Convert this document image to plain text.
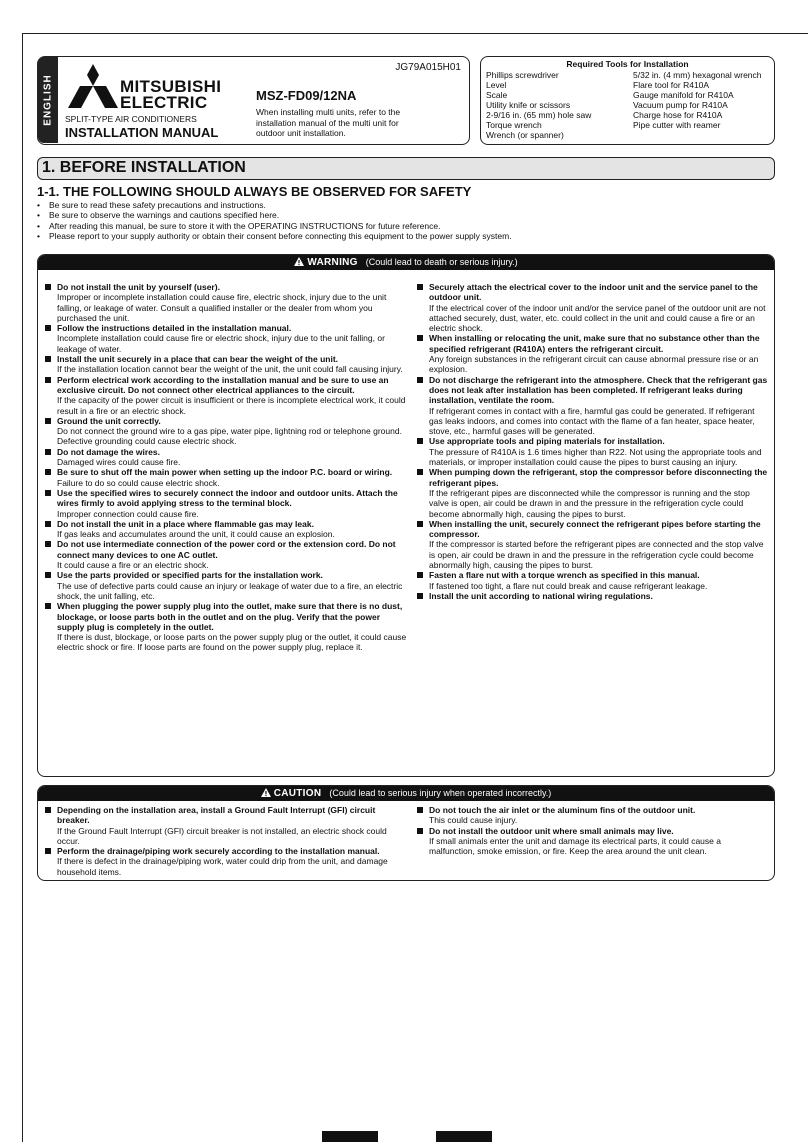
ENGLISH	MITSUBISHI
ELECTRIC
SPLIT-TYPE AIR CONDITIONERS
INSTALLATION MANUAL
JG79A015H01
MSZ-FD09/12NA
When installing multi units, refer to the installation manual of the multi unit for outdoor unit installation.
Required Tools for Installation
Phillips screwdriver
Level
Scale
Utility knife or scissors
2-9/16 in. (65 mm) hole saw
Torque wrench
Wrench (or spanner)
5/32 in. (4 mm) hexagonal wrench
Flare tool for R410A
Gauge manifold for R410A
Vacuum pump for R410A
Charge hose for R410A
Pipe cutter with reamer
1. BEFORE INSTALLATION
1-1. THE FOLLOWING SHOULD ALWAYS BE OBSERVED FOR SAFETY
• Be sure to read these safety precautions and instructions.
• Be sure to observe the warnings and cautions specified here.
• After reading this manual, be sure to store it with the OPERATING INSTRUCTIONS for future reference.
• Please report to your supply authority or obtain their consent before connecting this equipment to the power supply system.
WARNING (Could lead to death or serious injury.)
Do not install the unit by yourself (user).
Improper or incomplete installation could cause fire, electric shock, injury due to the unit falling, or leakage of water. Consult a qualified installer or the dealer from whom you purchased the unit.
Follow the instructions detailed in the installation manual.
Incomplete installation could cause fire or electric shock, injury due to the unit falling, or leakage of water.
Install the unit securely in a place that can bear the weight of the unit.
If the installation location cannot bear the weight of the unit, the unit could fall causing injury.
Perform electrical work according to the installation manual and be sure to use an exclusive circuit. Do not connect other electrical appliances to the circuit.
If the capacity of the power circuit is insufficient or there is incomplete electrical work, it could result in a fire or an electric shock.
Ground the unit correctly.
Do not connect the ground wire to a gas pipe, water pipe, lightning rod or telephone ground. Defective grounding could cause electric shock.
Do not damage the wires.
Damaged wires could cause fire.
Be sure to shut off the main power when setting up the indoor P.C. board or wiring.
Failure to do so could cause electric shock.
Use the specified wires to securely connect the indoor and outdoor units. Attach the wires firmly to avoid applying stress to the terminal block.
Improper connection could cause fire.
Do not install the unit in a place where flammable gas may leak.
If gas leaks and accumulates around the unit, it could cause an explosion.
Do not use intermediate connection of the power cord or the extension cord. Do not connect many devices to one AC outlet.
It could cause a fire or an electric shock.
Use the parts provided or specified parts for the installation work.
The use of defective parts could cause an injury or leakage of water due to a fire, an electric shock, the unit falling, etc.
When plugging the power supply plug into the outlet, make sure that there is no dust, blockage, or loose parts both in the outlet and on the plug. Verify that the power supply plug is completely in the outlet.
If there is dust, blockage, or loose parts on the power supply plug or the outlet, it could cause electric shock or fire. If loose parts are found on the power supply plug, replace it.
Securely attach the electrical cover to the indoor unit and the service panel to the outdoor unit.
If the electrical cover of the indoor unit and/or the service panel of the outdoor unit are not attached securely, dust, water, etc. could collect in the unit and could cause a fire or an electric shock.
When installing or relocating the unit, make sure that no substance other than the specified refrigerant (R410A) enters the refrigerant circuit.
Any foreign substances in the refrigerant circuit can cause abnormal pressure rise or an explosion.
Do not discharge the refrigerant into the atmosphere. Check that the refrigerant gas does not leak after installation has been completed. If refrigerant leaks during installation, ventilate the room.
If refrigerant comes in contact with a fire, harmful gas could be generated. If refrigerant gas leaks indoors, and comes into contact with the flame of a fan heater, space heater, stove, etc., harmful gases will be generated.
Use appropriate tools and piping materials for installation.
The pressure of R410A is 1.6 times higher than R22. Not using the appropriate tools and materials, or improper installation could cause the pipes to burst causing an injury.
When pumping down the refrigerant, stop the compressor before disconnecting the refrigerant pipes.
If the refrigerant pipes are disconnected while the compressor is running and the stop valve is open, air could be drawn in and the pressure in the refrigeration cycle could become abnormally high, causing the pipes to burst.
When installing the unit, securely connect the refrigerant pipes before starting the compressor.
If the compressor is started before the refrigerant pipes are connected and the stop valve is open, air could be drawn in and the pressure in the refrigeration cycle could become abnormally high, causing the pipes to burst.
Fasten a flare nut with a torque wrench as specified in this manual.
If fastened too tight, a flare nut could break and cause refrigerant leakage.
Install the unit according to national wiring regulations.
CAUTION (Could lead to serious injury when operated incorrectly.)
Depending on the installation area, install a Ground Fault Interrupt (GFI) circuit breaker.
If the Ground Fault Interrupt (GFI) circuit breaker is not installed, an electric shock could occur.
Perform the drainage/piping work securely according to the installation manual.
If there is defect in the drainage/piping work, water could drip from the unit, and damage household items.
Do not touch the air inlet or the aluminum fins of the outdoor unit.
This could cause injury.
Do not install the outdoor unit where small animals may live.
If small animals enter the unit and damage its electrical parts, it could cause a malfunction, smoke emission, or fire. Keep the area around the unit clean.
